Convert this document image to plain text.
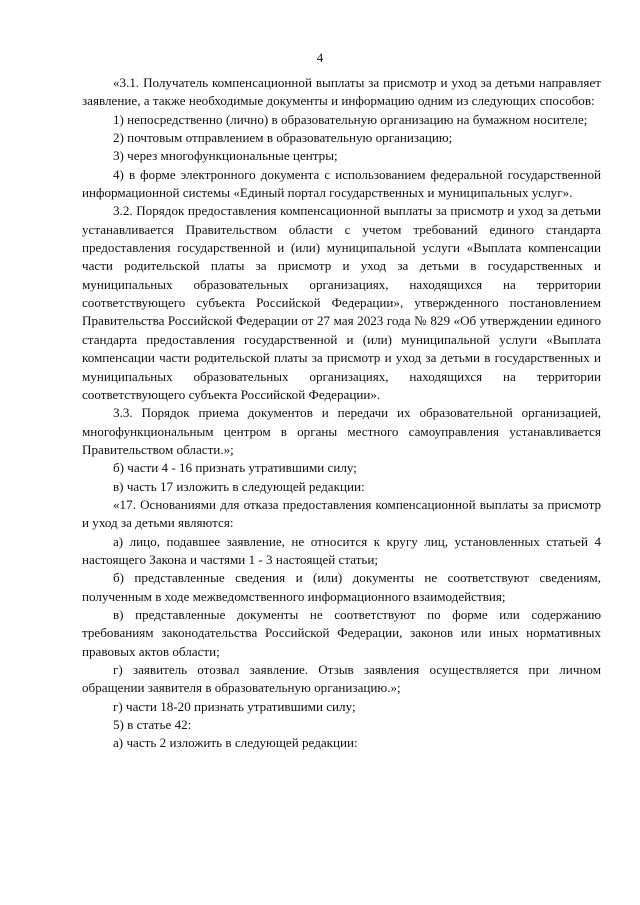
4

«3.1. Получатель компенсационной выплаты за присмотр и уход за детьми направляет заявление, а также необходимые документы и информацию одним из следующих способов:

1) непосредственно (лично) в образовательную организацию на бумажном носителе;

2) почтовым отправлением в образовательную организацию;

3) через многофункциональные центры;

4) в форме электронного документа с использованием федеральной государственной информационной системы «Единый портал государственных и муниципальных услуг».

3.2. Порядок предоставления компенсационной выплаты за присмотр и уход за детьми устанавливается Правительством области с учетом требований единого стандарта предоставления государственной и (или) муниципальной услуги «Выплата компенсации части родительской платы за присмотр и уход за детьми в государственных и муниципальных образовательных организациях, находящихся на территории соответствующего субъекта Российской Федерации», утвержденного постановлением Правительства Российской Федерации от 27 мая 2023 года № 829 «Об утверждении единого стандарта предоставления государственной и (или) муниципальной услуги «Выплата компенсации части родительской платы за присмотр и уход за детьми в государственных и муниципальных образовательных организациях, находящихся на территории соответствующего субъекта Российской Федерации».

3.3. Порядок приема документов и передачи их образовательной организацией, многофункциональным центром в органы местного самоуправления устанавливается Правительством области.»;

б) части 4 - 16 признать утратившими силу;

в) часть 17 изложить в следующей редакции:

«17. Основаниями для отказа предоставления компенсационной выплаты за присмотр и уход за детьми являются:

а) лицо, подавшее заявление, не относится к кругу лиц, установленных статьей 4 настоящего Закона и частями 1 - 3 настоящей статьи;

б) представленные сведения и (или) документы не соответствуют сведениям, полученным в ходе межведомственного информационного взаимодействия;

в) представленные документы не соответствуют по форме или содержанию требованиям законодательства Российской Федерации, законов или иных нормативных правовых актов области;

г) заявитель отозвал заявление. Отзыв заявления осуществляется при личном обращении заявителя в образовательную организацию.»;

г) части 18-20 признать утратившими силу;

5) в статье 42:

а) часть 2 изложить в следующей редакции:
